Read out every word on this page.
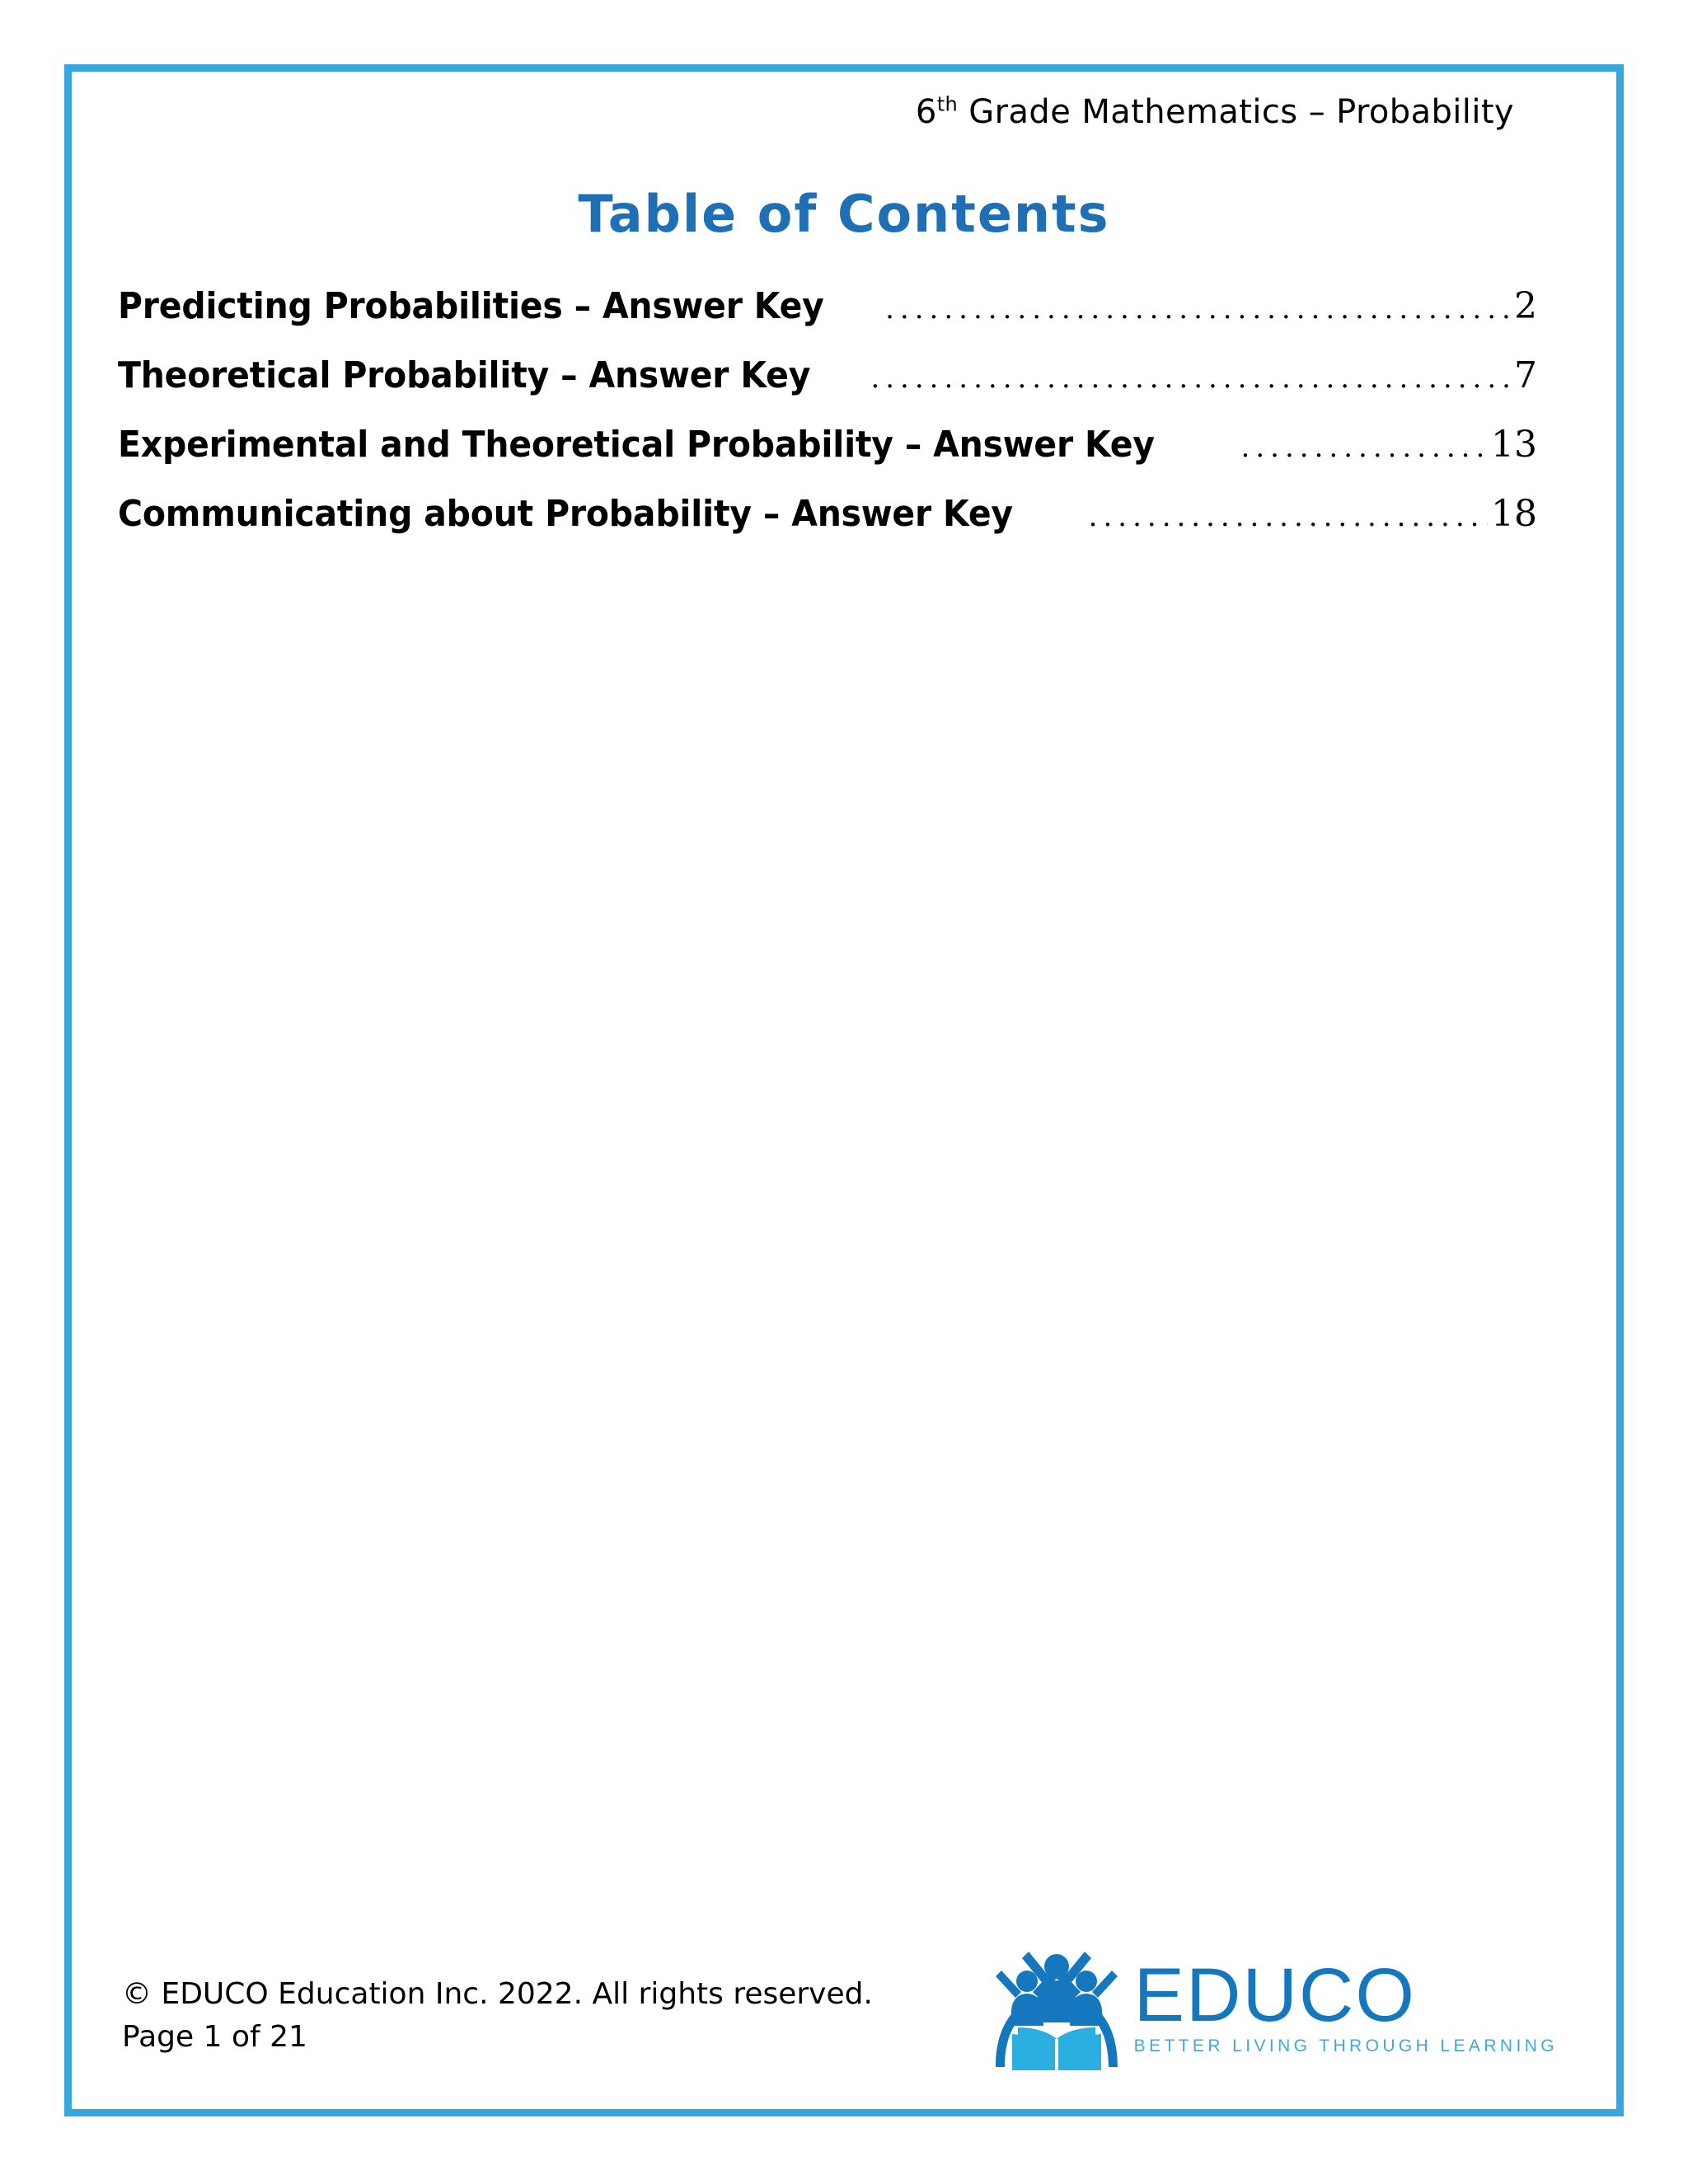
6th Grade Mathematics – Probability
Table of Contents
Predicting Probabilities – Answer Key .....	2
Theoretical Probability – Answer Key .....	7
Experimental and Theoretical Probability – Answer Key .....	13
Communicating about Probability – Answer Key .....	18
© EDUCO Education Inc. 2022. All rights reserved.
Page 1 of 21	EDUCO
BETTER LIVING THROUGH LEARNING
